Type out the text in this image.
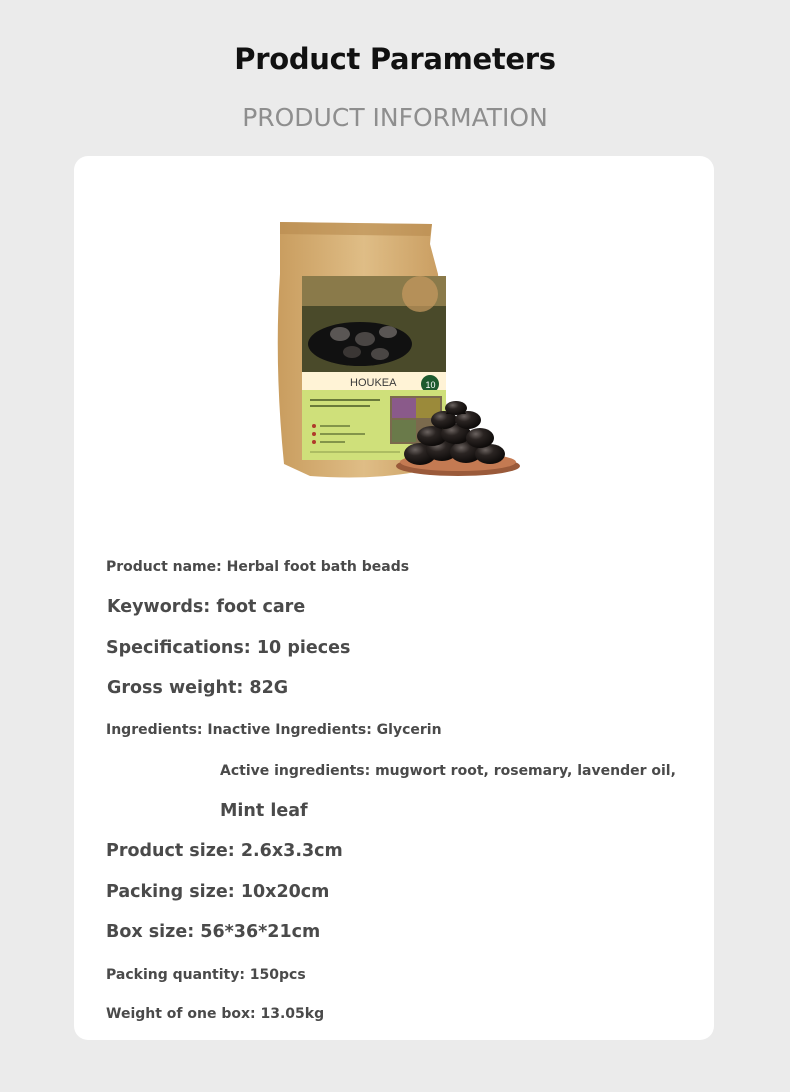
Product Parameters
PRODUCT INFORMATION
HOUKEA	10
Product name: Herbal foot bath beads
Keywords: foot care
Specifications: 10 pieces
Gross weight: 82G
Ingredients: Inactive Ingredients: Glycerin
Active ingredients: mugwort root, rosemary, lavender oil,
Mint leaf
Product size: 2.6x3.3cm
Packing size: 10x20cm
Box size: 56*36*21cm
Packing quantity: 150pcs
Weight of one box: 13.05kg
